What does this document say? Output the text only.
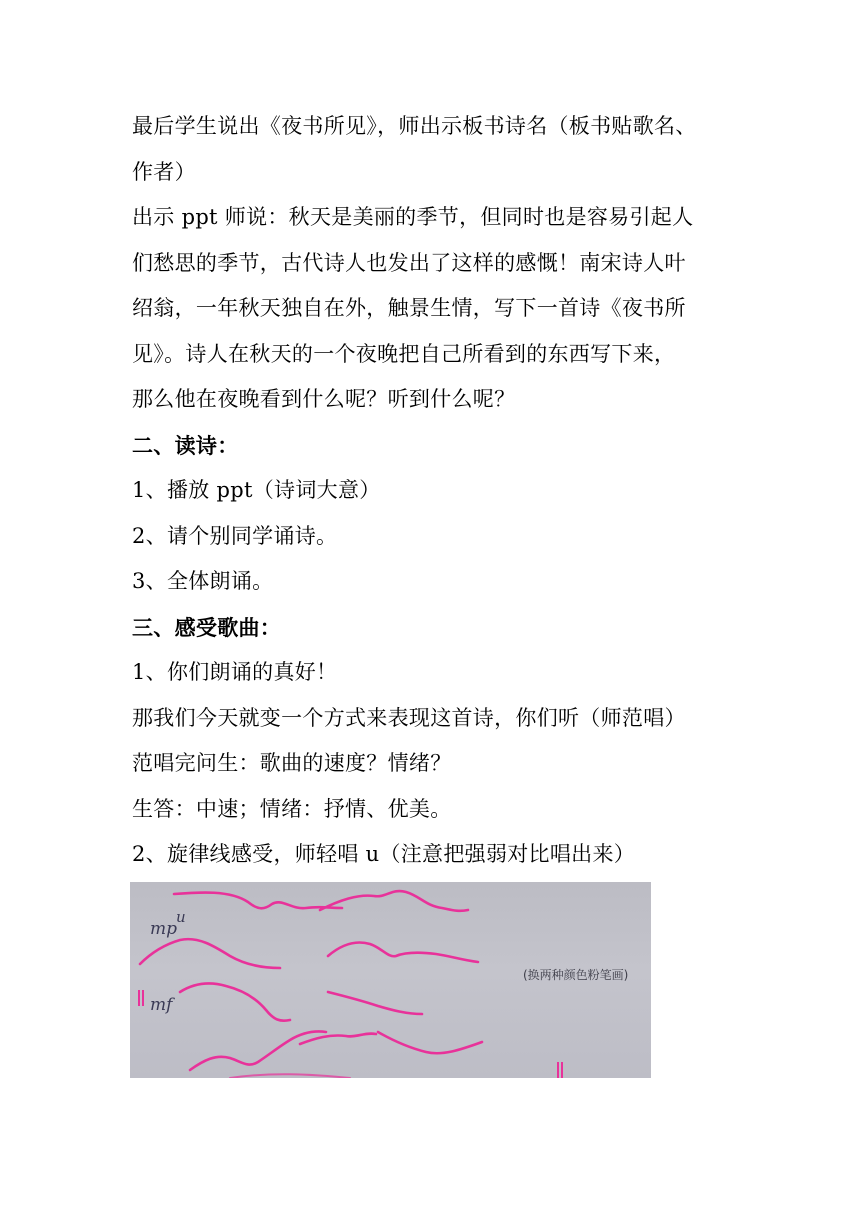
最后学生说出《夜书所见》，师出示板书诗名（板书贴歌名、
作者）
出示 ppt 师说：秋天是美丽的季节，但同时也是容易引起人
们愁思的季节，古代诗人也发出了这样的感慨！南宋诗人叶
绍翁，一年秋天独自在外，触景生情，写下一首诗《夜书所
见》。诗人在秋天的一个夜晚把自己所看到的东西写下来，
那么他在夜晚看到什么呢？听到什么呢？
二、读诗：
1、播放 ppt（诗词大意）
2、请个别同学诵诗。
3、全体朗诵。
三、感受歌曲：
1、你们朗诵的真好！
那我们今天就变一个方式来表现这首诗，你们听（师范唱）
范唱完问生：歌曲的速度？情绪？
生答：中速；情绪：抒情、优美。
2、旋律线感受，师轻唱 u（注意把强弱对比唱出来）
mp
u
mf
(换两种颜色粉笔画)
